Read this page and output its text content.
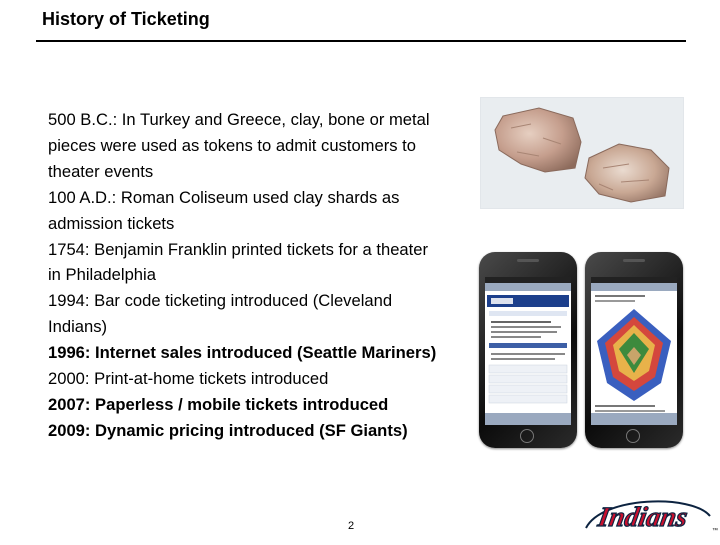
History of Ticketing

500 B.C.: In Turkey and Greece, clay, bone or metal pieces were used as tokens to admit customers to theater events

100 A.D.: Roman Coliseum used clay shards as admission tickets

1754: Benjamin Franklin printed tickets for a theater in Philadelphia

1994: Bar code ticketing introduced (Cleveland Indians)

1996: Internet sales introduced (Seattle Mariners)

2000: Print-at-home tickets introduced

2007: Paperless / mobile tickets introduced

2009: Dynamic pricing introduced (SF Giants)

Indians	™
2
